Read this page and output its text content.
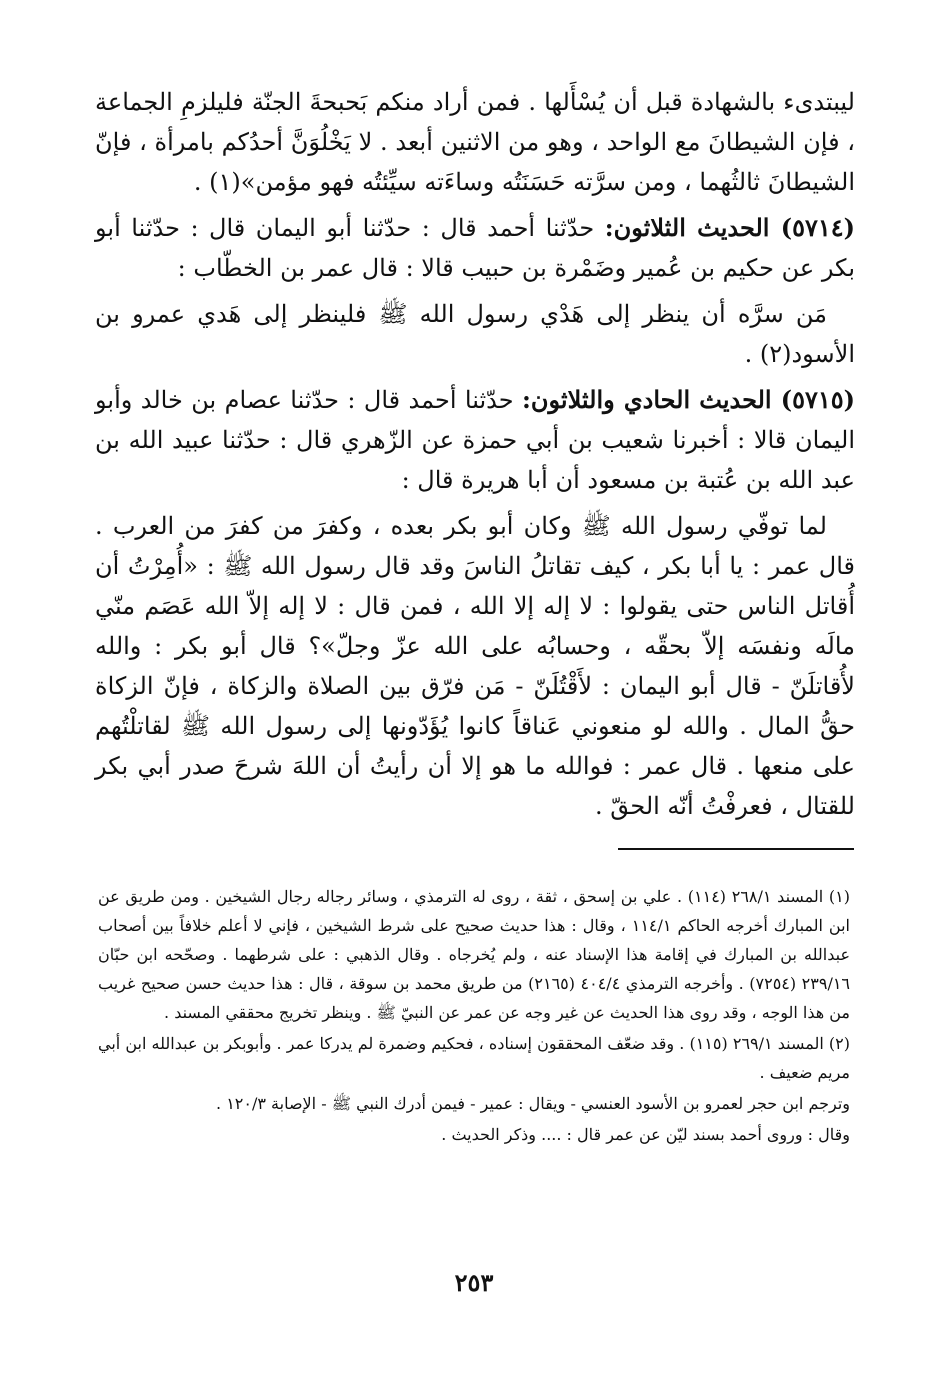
ليبتدىء بالشهادة قبل أن يُسْأَلها . فمن أراد منكم بَحبحةَ الجنّة فليلزمِ الجماعة ، فإن الشيطانَ مع الواحد ، وهو من الاثنين أبعد . لا يَخْلُوَنَّ أحدُكم بامرأة ، فإنّ الشيطانَ ثالثُهما ، ومن سرَّته حَسَنَتُه وساءَته سيِّئتُه فهو مؤمن»(١) .

(٥٧١٤) الحديث الثلاثون: حدّثنا أحمد قال : حدّثنا أبو اليمان قال : حدّثنا أبو بكر عن حكيم بن عُمير وضَمْرة بن حبيب قالا : قال عمر بن الخطّاب :

مَن سرَّه أن ينظر إلى هَدْي رسول الله ﷺ فلينظر إلى هَدي عمرو بن الأسود(٢) .

(٥٧١٥) الحديث الحادي والثلاثون: حدّثنا أحمد قال : حدّثنا عصام بن خالد وأبو اليمان قالا : أخبرنا شعيب بن أبي حمزة عن الزّهري قال : حدّثنا عبيد الله بن عبد الله بن عُتبة بن مسعود أن أبا هريرة قال :

لما توفّي رسول الله ﷺ وكان أبو بكر بعده ، وكفرَ من كفرَ من العرب . قال عمر : يا أبا بكر ، كيف تقاتلُ الناسَ وقد قال رسول الله ﷺ : «أُمِرْتُ أن أُقاتل الناس حتى يقولوا : لا إله إلا الله ، فمن قال : لا إله إلاّ الله عَصَم منّي مالَه ونفسَه إلاّ بحقّه ، وحسابُه على الله عزّ وجلّ»؟ قال أبو بكر : والله لأُقاتلَنّ - قال أبو اليمان : لأَقْتُلَنّ - مَن فرّق بين الصلاة والزكاة ، فإنّ الزكاة حقُّ المال . والله لو منعوني عَناقاً كانوا يُؤَدّونها إلى رسول الله ﷺ لقاتلْتُهم على منعها . قال عمر : فوالله ما هو إلا أن رأيتُ أن اللهَ شرحَ صدر أبي بكر للقتال ، فعرفْتُ أنّه الحقّ .

(١) المسند ٢٦٨/١ (١١٤) . علي بن إسحق ، ثقة ، روى له الترمذي ، وسائر رجاله رجال الشيخين . ومن طريق عن ابن المبارك أخرجه الحاكم ١١٤/١ ، وقال : هذا حديث صحيح على شرط الشيخين ، فإني لا أعلم خلافاً بين أصحاب عبدالله بن المبارك في إقامة هذا الإسناد عنه ، ولم يُخرجاه . وقال الذهبي : على شرطهما . وصحّحه ابن حبّان ٢٣٩/١٦ (٧٢٥٤) . وأخرجه الترمذي ٤٠٤/٤ (٢١٦٥) من طريق محمد بن سوقة ، قال : هذا حديث حسن صحيح غريب من هذا الوجه ، وقد روى هذا الحديث عن غير وجه عن عمر عن النبيّ ﷺ . وينظر تخريج محققي المسند .

(٢) المسند ٢٦٩/١ (١١٥) . وقد ضعّف المحققون إسناده ، فحكيم وضمرة لم يدركا عمر . وأبوبكر بن عبدالله ابن أبي مريم ضعيف .

وترجم ابن حجر لعمرو بن الأسود العنسي - ويقال : عمير - فيمن أدرك النبي ﷺ - الإصابة ١٢٠/٣ .

وقال : وروى أحمد بسند ليّن عن عمر قال : .... وذكر الحديث .

٢٥٣
